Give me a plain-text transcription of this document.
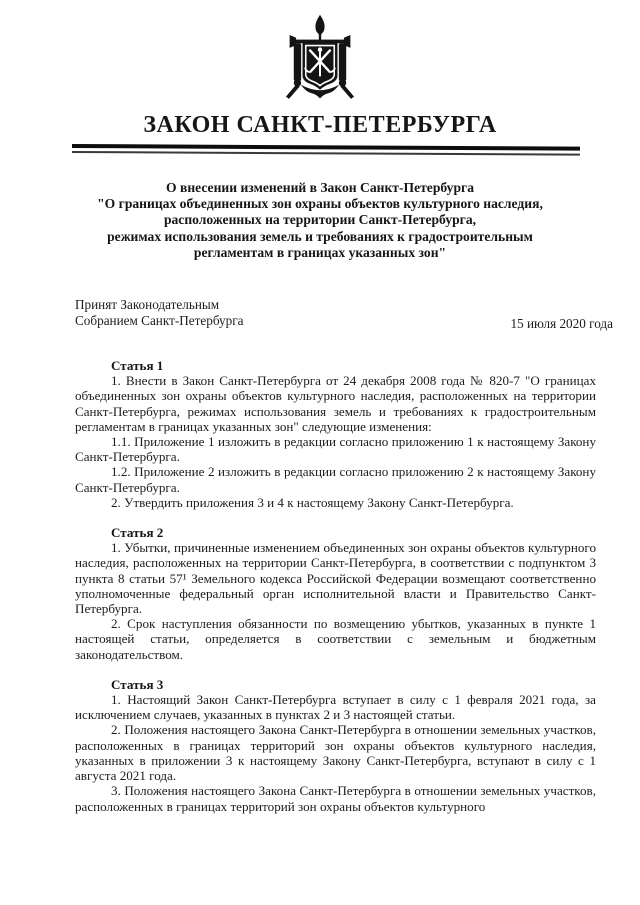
ЗАКОН САНКТ-ПЕТЕРБУРГА
О внесении изменений в Закон Санкт-Петербурга
"О границах объединенных зон охраны объектов культурного наследия,
расположенных на территории Санкт-Петербурга,
режимах использования земель и требованиях к градостроительным
регламентам в границах указанных зон"
Принят Законодательным
Собранием Санкт-Петербурга	15 июля 2020 года
Статья 1

1. Внести в Закон Санкт-Петербурга от 24 декабря 2008 года № 820-7 "О границах объединенных зон охраны объектов культурного наследия, расположенных на территории Санкт-Петербурга, режимах использования земель и требованиях к градостроительным регламентам в границах указанных зон" следующие изменения:

1.1. Приложение 1 изложить в редакции согласно приложению 1 к настоящему Закону Санкт-Петербурга.

1.2. Приложение 2 изложить в редакции согласно приложению 2 к настоящему Закону Санкт-Петербурга.

2. Утвердить приложения 3 и 4 к настоящему Закону Санкт-Петербурга.

Статья 2

1. Убытки, причиненные изменением объединенных зон охраны объектов культурного наследия, расположенных на территории Санкт-Петербурга, в соответствии с подпунктом 3 пункта 8 статьи 57¹ Земельного кодекса Российской Федерации возмещают соответственно уполномоченные федеральный орган исполнительной власти и Правительство Санкт-Петербурга.

2. Срок наступления обязанности по возмещению убытков, указанных в пункте 1 настоящей статьи, определяется в соответствии с земельным и бюджетным законодательством.

Статья 3

1. Настоящий Закон Санкт-Петербурга вступает в силу с 1 февраля 2021 года, за исключением случаев, указанных в пунктах 2 и 3 настоящей статьи.

2. Положения настоящего Закона Санкт-Петербурга в отношении земельных участков, расположенных в границах территорий зон охраны объектов культурного наследия, указанных в приложении 3 к настоящему Закону Санкт-Петербурга, вступают в силу с 1 августа 2021 года.

3. Положения настоящего Закона Санкт-Петербурга в отношении земельных участков, расположенных в границах территорий зон охраны объектов культурного
